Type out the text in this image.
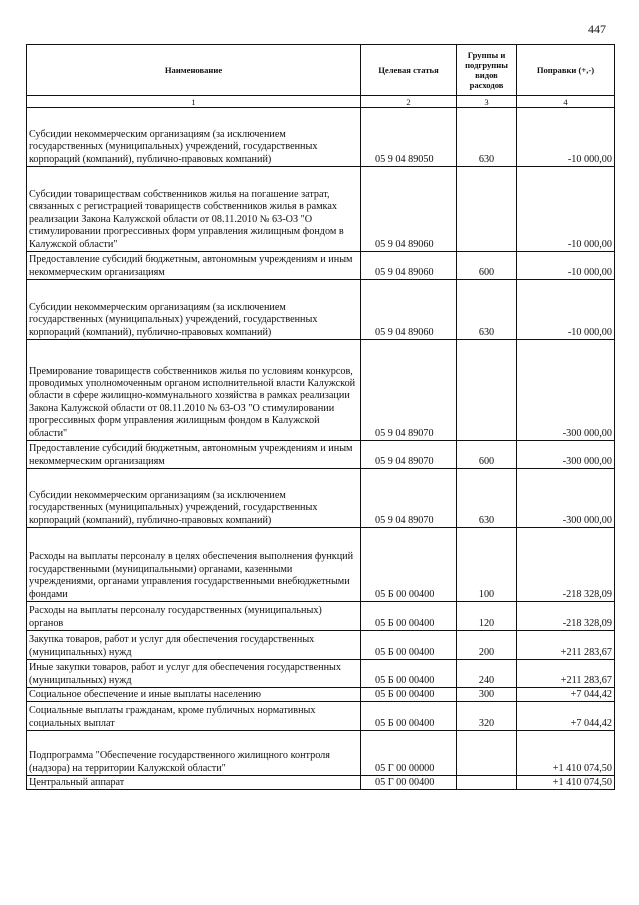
447
Наименование	Целевая статья	Группы и подгрупны видов расходов	Поправки (+,-)
1	2	3	4
Субсидии некоммерческим организациям (за исключением государственных (муниципальных) учреждений, государственных корпораций (компаний), публично-правовых компаний)	05 9 04 89050	630	-10 000,00
Субсидии товариществам собственников жилья на погашение затрат, связанных с регистрацией товариществ собственников жилья в рамках реализации Закона Калужской области от 08.11.2010 № 63-ОЗ "О стимулировании прогрессивных форм управления жилищным фондом в Калужской области"	05 9 04 89060		-10 000,00
Предоставление субсидий бюджетным, автономным учреждениям и иным некоммерческим организациям	05 9 04 89060	600	-10 000,00
Субсидии некоммерческим организациям (за исключением государственных (муниципальных) учреждений, государственных корпораций (компаний), публично-правовых компаний)	05 9 04 89060	630	-10 000,00
Премирование товариществ собственников жилья по условиям конкурсов, проводимых уполномоченным органом исполнительной власти Калужской области в сфере жилищно-коммунального хозяйства в рамках реализации Закона Калужской области от 08.11.2010 № 63-ОЗ "О стимулировании прогрессивных форм управления жилищным фондом в Калужской области"	05 9 04 89070		-300 000,00
Предоставление субсидий бюджетным, автономным учреждениям и иным некоммерческим организациям	05 9 04 89070	600	-300 000,00
Субсидии некоммерческим организациям (за исключением государственных (муниципальных) учреждений, государственных корпораций (компаний), публично-правовых компаний)	05 9 04 89070	630	-300 000,00
Расходы на выплаты персоналу в целях обеспечения выполнения функций государственными (муниципальными) органами, казенными учреждениями, органами управления государственными внебюджетными фондами	05 Б 00 00400	100	-218 328,09
Расходы на выплаты персоналу государственных (муниципальных) органов	05 Б 00 00400	120	-218 328,09
Закупка товаров, работ и услуг для обеспечения государственных (муниципальных) нужд	05 Б 00 00400	200	+211 283,67
Иные закупки товаров, работ и услуг для обеспечения государственных (муниципальных) нужд	05 Б 00 00400	240	+211 283,67
Социальное обеспечение и иные выплаты населению	05 Б 00 00400	300	+7 044,42
Социальные выплаты гражданам, кроме публичных нормативных социальных выплат	05 Б 00 00400	320	+7 044,42
Подпрограмма "Обеспечение государственного жилищного контроля (надзора) на территории Калужской области"	05 Г 00 00000		+1 410 074,50
Центральный аппарат	05 Г 00 00400		+1 410 074,50
